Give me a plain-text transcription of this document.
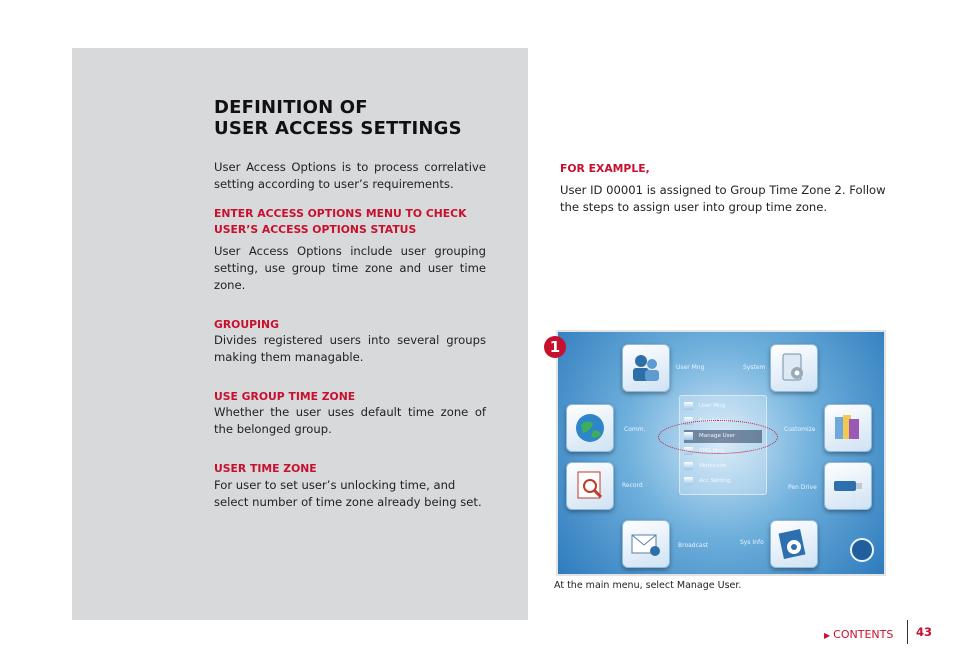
DEFINITION OF
USER ACCESS SETTINGS

User Access Options is to process correlative setting according to user’s requirements.

ENTER ACCESS OPTIONS MENU TO CHECK
USER’S ACCESS OPTIONS STATUS

User Access Options include user grouping setting, use group time zone and user time zone.

GROUPING

Divides registered users into several groups making them managable.

USE GROUP TIME ZONE

Whether the user uses default time zone of the belonged group.

USER TIME ZONE

For user to set user’s unlocking time, and select number of time zone already being set.

FOR EXAMPLE,

User ID 00001 is assigned to Group Time Zone 2. Follow the steps to assign user into group time zone.

User Mng	System
Comm.	Customize
Record	Pen Drive
Broadcast	Sys Info
User Mng
Enroll User
Manage User
SMS Mng
Workcode
Acc Setting
1
At the main menu, select Manage User.
▶ CONTENTS 43
